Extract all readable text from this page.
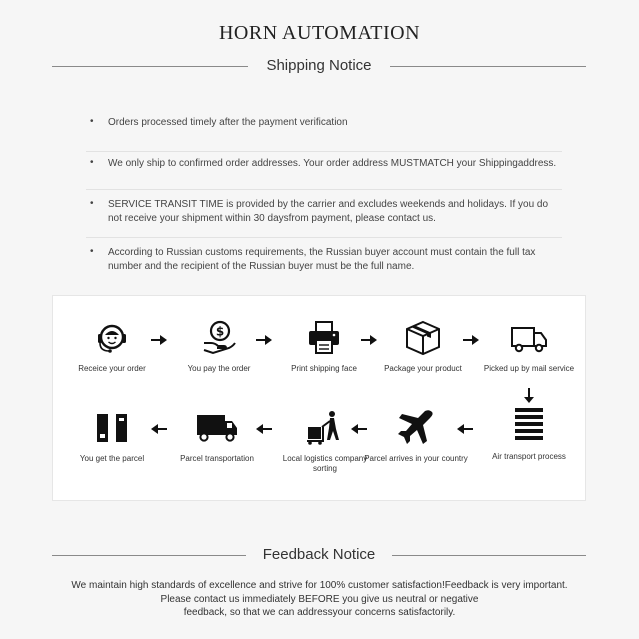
HORN AUTOMATION
Shipping Notice
• Orders processed timely after the payment verification
• We only ship to confirmed order addresses. Your order address MUSTMATCH your Shippingaddress.
• SERVICE TRANSIT TIME is provided by the carrier and excludes weekends and holidays. If you do not receive your shipment within 30 daysfrom payment, please contact us.
• According to Russian customs requirements, the Russian buyer account must contain the full tax number and the recipient of the Russian buyer must be the full name.
Receice your order
$
You pay the order	Print shipping face	Package your product	Picked up by mail service
You get the parcel	Parcel transportation	Local logistics company sorting
Parcel arrives in your country	Air transport process
Feedback Notice
We maintain high standards of excellence and strive for 100% customer satisfaction!Feedback is very important.
Please contact us immediately BEFORE you give us neutral or negative
feedback, so that we can addressyour concerns satisfactorily.
